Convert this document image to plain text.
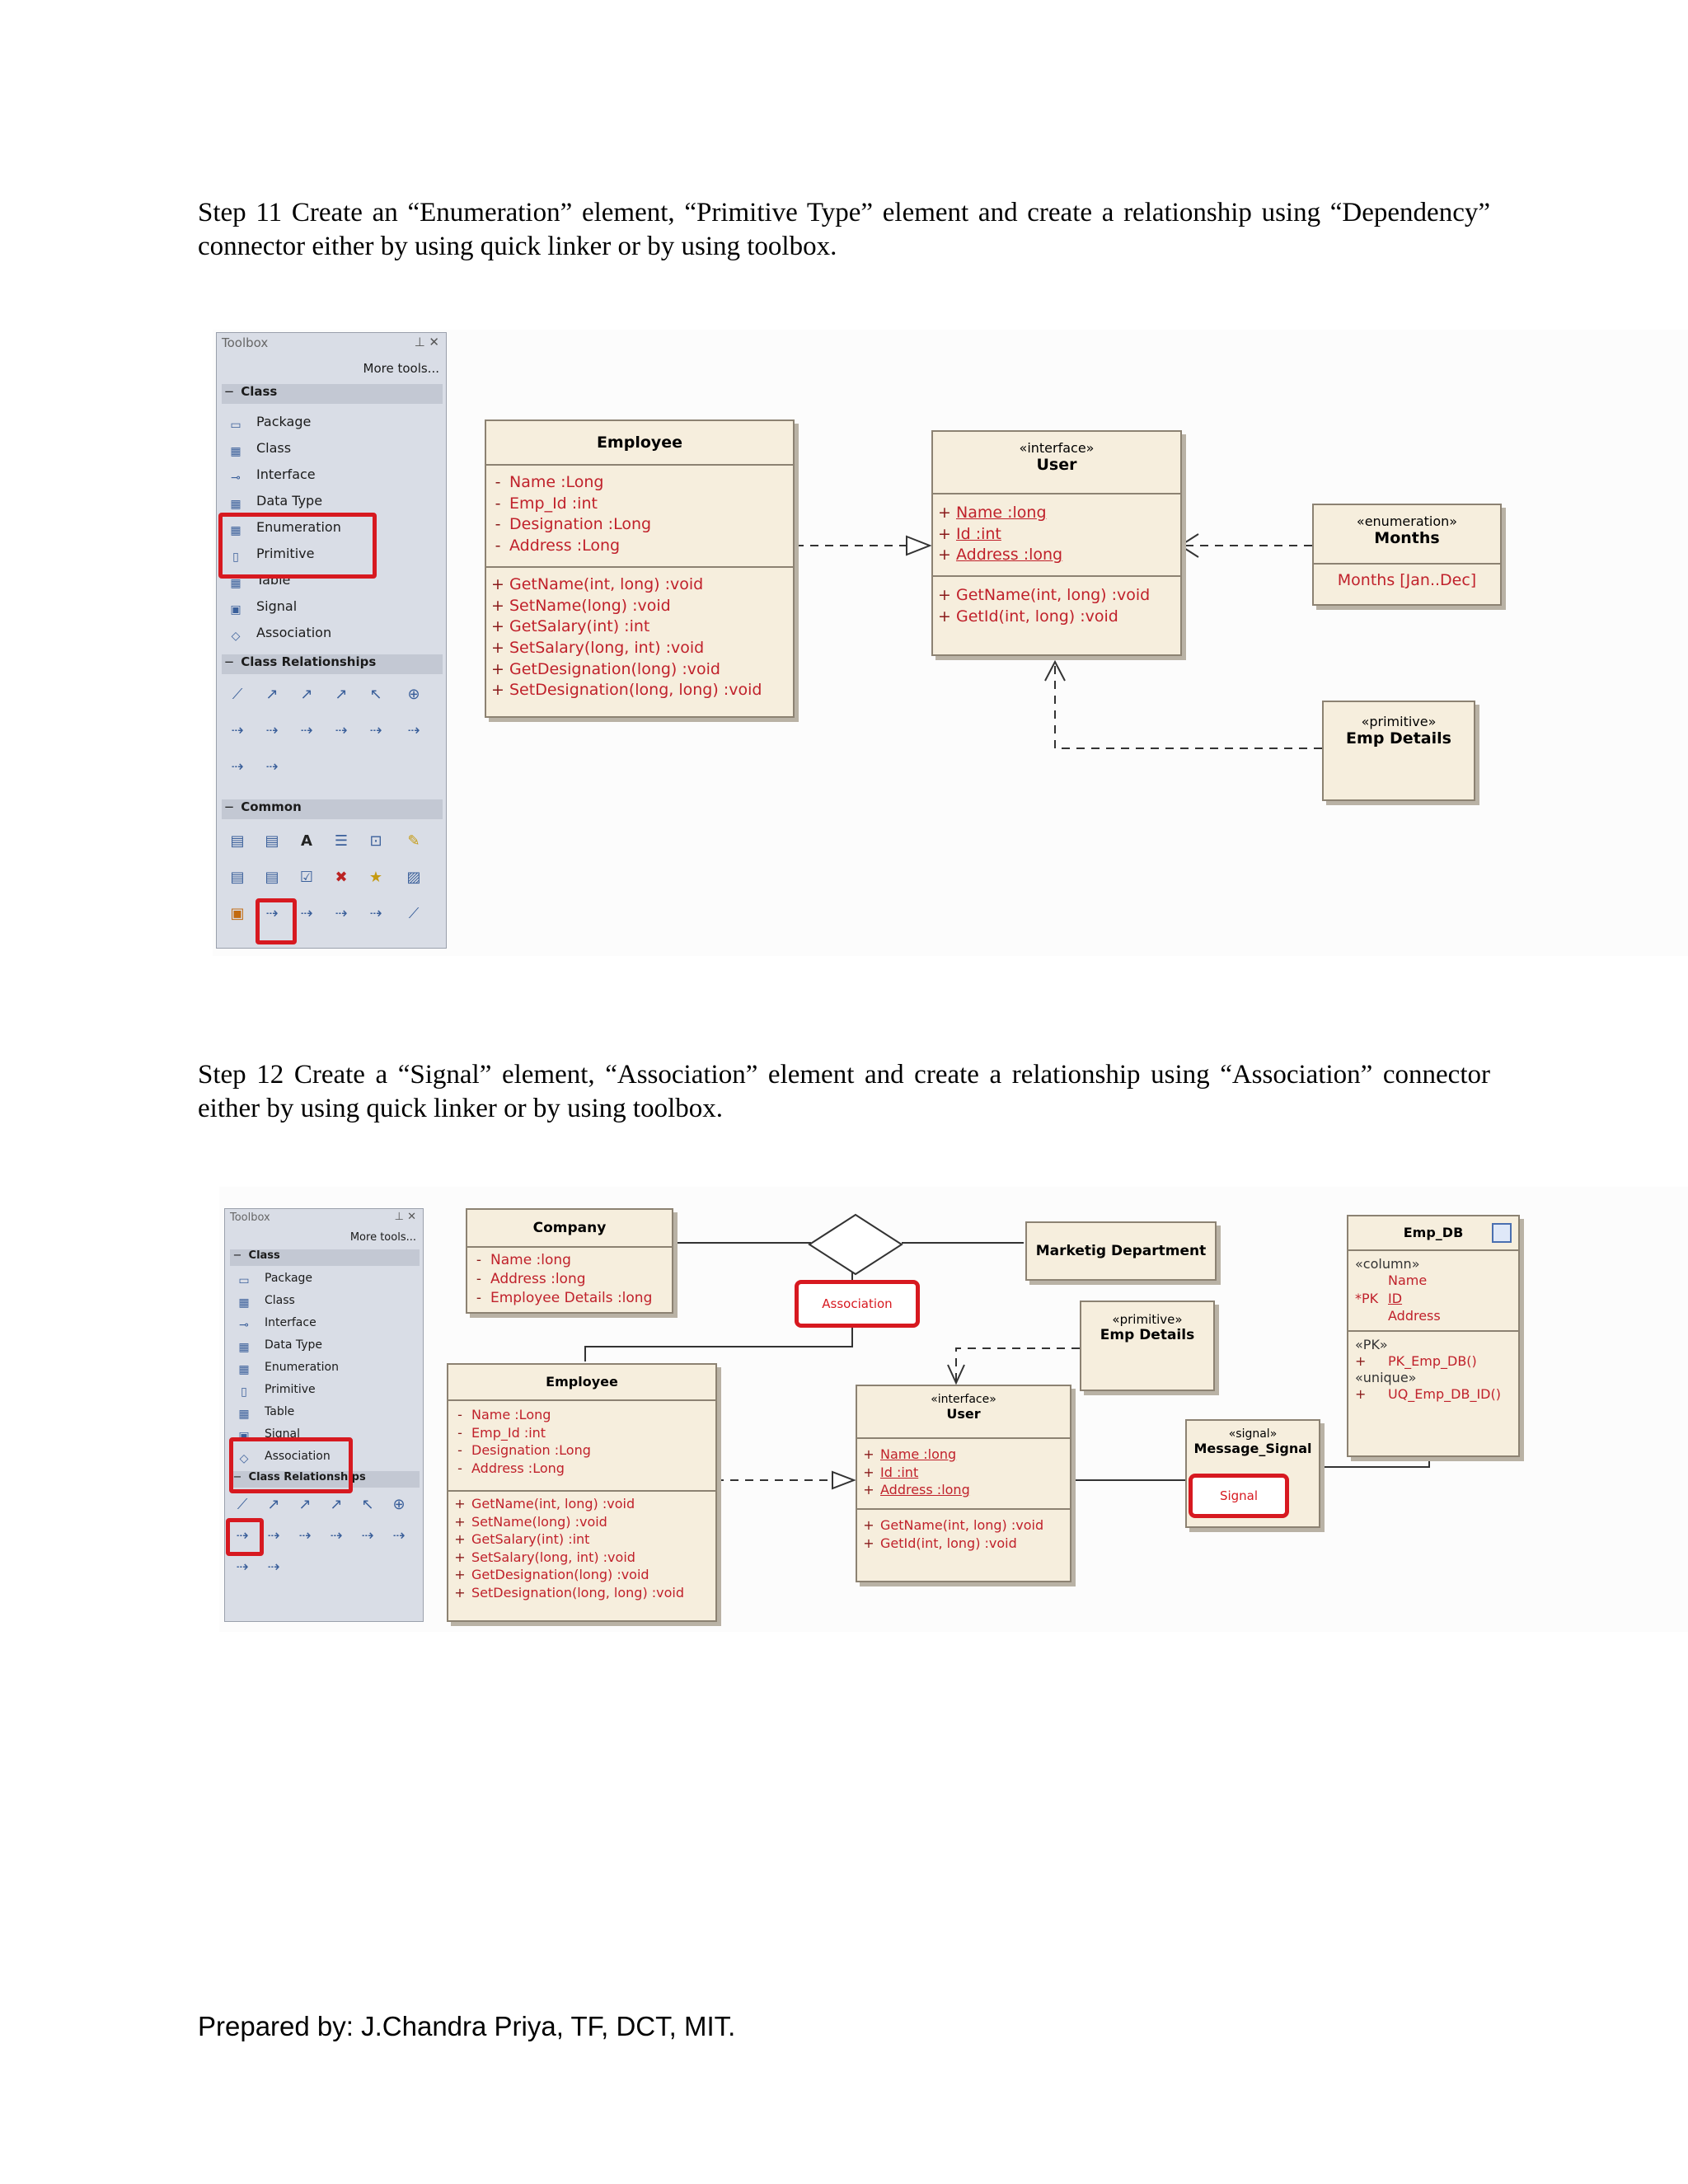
Step 11 Create an “Enumeration” element, “Primitive Type” element and create a relationship using “Dependency” connector either by using quick linker or by using toolbox.
Toolbox	⊥ ✕
More tools...
− Class
▭ Package
▦ Class
⊸ Interface
▦ Data Type
▦ Enumeration
▯ Primitive
▦ Table
▣ Signal
◇ Association
− Class Relationships
⟋ ↗ ↗ ↗ ↖ ⊕
⇢ ⇢ ⇢ ⇢ ⇢ ⇢
⇢ ⇢
− Common
▤ ▤ A ☰ ⊡ ✎
▤ ▤ ☑ ✖ ★ ▨
▣ ⇢ ⇢ ⇢ ⇢ ⟋
Employee
- Name :Long
- Emp_Id :int
- Designation :Long
- Address :Long
+ GetName(int, long) :void
+ SetName(long) :void
+ GetSalary(int) :int
+ SetSalary(long, int) :void
+ GetDesignation(long) :void
+ SetDesignation(long, long) :void
«interface»
User
+ Name :long
+ Id :int
+ Address :long
+ GetName(int, long) :void
+ GetId(int, long) :void
«enumeration»
Months
Months [Jan..Dec]
«primitive»
Emp Details
Step 12 Create a “Signal” element, “Association” element and create a relationship using “Association” connector either by using quick linker or by using toolbox.
Toolbox	⊥ ✕
More tools...
− Class
▭ Package
▦ Class
⊸ Interface
▦ Data Type
▦ Enumeration
▯ Primitive
▦ Table
▣ Signal
◇ Association
− Class Relationships
⟋ ↗ ↗ ↗ ↖ ⊕
⇢ ⇢ ⇢ ⇢ ⇢ ⇢
⇢ ⇢
Company
- Name :long
- Address :long
- Employee Details :long	Association
Marketig Department
«primitive»
Emp Details
Emp_DB
«column»
Name
*PK ID
Address
«PK»
+ PK_Emp_DB()
«unique»
+ UQ_Emp_DB_ID()
Employee
- Name :Long
- Emp_Id :int
- Designation :Long
- Address :Long
+ GetName(int, long) :void
+ SetName(long) :void
+ GetSalary(int) :int
+ SetSalary(long, int) :void
+ GetDesignation(long) :void
+ SetDesignation(long, long) :void
«interface»
User
+ Name :long
+ Id :int
+ Address :long
+ GetName(int, long) :void
+ GetId(int, long) :void
«signal»
Message_Signal
Signal
Prepared by: J.Chandra Priya, TF, DCT, MIT.
